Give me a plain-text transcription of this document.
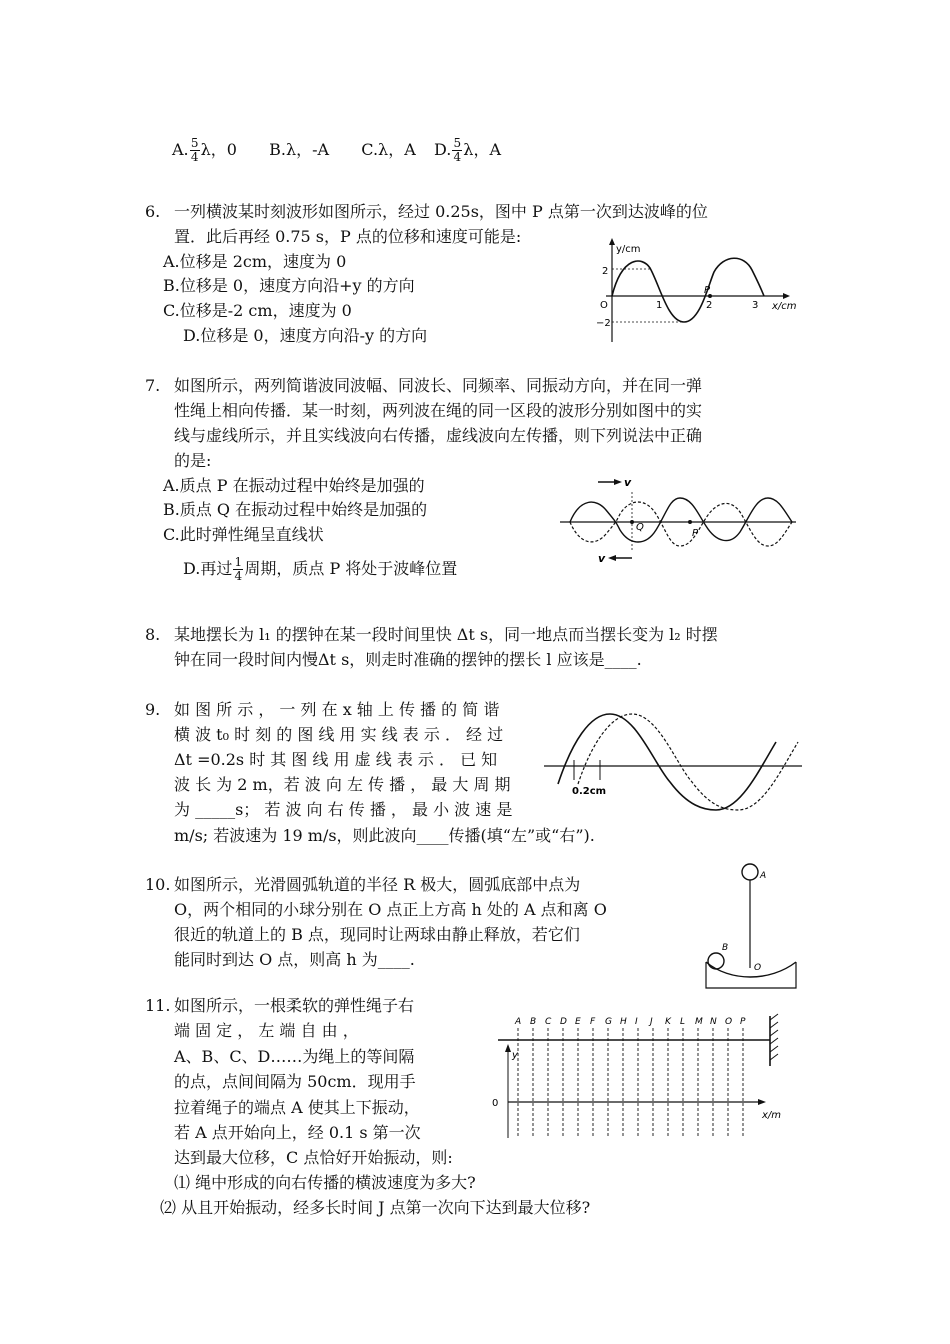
A. $\frac{5}{4}$ λ，0 B.λ，-A C.λ，A D. $\frac{5}{4}$ λ，A
6. 一列横波某时刻波形如图所示，经过 0.25s，图中 P 点第一次到达波峰的位
置．此后再经 0.75 s，P 点的位移和速度可能是:
A.位移是 2cm，速度为 0
B.位移是 0，速度方向沿+y 的方向
C.位移是-2 cm，速度为 0
D.位移是 0，速度方向沿-y 的方向
y/cm
2
−2
O	1	2	3
P
x/cm
7. 如图所示，两列简谐波同波幅、同波长、同频率、同振动方向，并在同一弹
性绳上相向传播．某一时刻，两列波在绳的同一区段的波形分别如图中的实
线与虚线所示，并且实线波向右传播，虚线波向左传播，则下列说法中正确
的是:
A.质点 P 在振动过程中始终是加强的
B.质点 Q 在振动过程中始终是加强的
C.此时弹性绳呈直线状
D.再过 $\frac{1}{4}$ 周期，质点 P 将处于波峰位置
v
v
Q
P
8. 某地摆长为 l₁ 的摆钟在某一段时间里快 Δt s，同一地点而当摆长变为 l₂ 时摆
钟在同一段时间内慢Δt s，则走时准确的摆钟的摆长 l 应该是____.
9. 如 图 所 示 ， 一 列 在 x 轴 上 传 播 的 简 谐
横 波 t₀ 时 刻 的 图 线 用 实 线 表 示 ． 经 过
Δt =0.2s 时 其 图 线 用 虚 线 表 示 ． 已 知
波 长 为 2 m，若 波 向 左 传 播 ， 最 大 周 期
为 _____s； 若 波 向 右 传 播 ， 最 小 波 速 是
m/s; 若波速为 19 m/s，则此波向____传播(填“左”或“右”).
0.2cm
10. 如图所示，光滑圆弧轨道的半径 R 极大，圆弧底部中点为
O，两个相同的小球分别在 O 点正上方高 h 处的 A 点和离 O
很近的轨道上的 B 点，现同时让两球由静止释放，若它们
能同时到达 O 点，则高 h 为____.
A
B
O
11. 如图所示，一根柔软的弹性绳子右
端 固 定 ， 左 端 自 由 ，
A、B、C、D……为绳上的等间隔
的点，点间间隔为 50cm．现用手
拉着绳子的端点 A 使其上下振动，
若 A 点开始向上，经 0.1 s 第一次
达到最大位移，C 点恰好开始振动，则:
⑴ 绳中形成的向右传播的横波速度为多大?
⑵ 从且开始振动，经多长时间 J 点第一次向下达到最大位移?
A B C D E F G H I J K L M N O P
y
0
x/m
